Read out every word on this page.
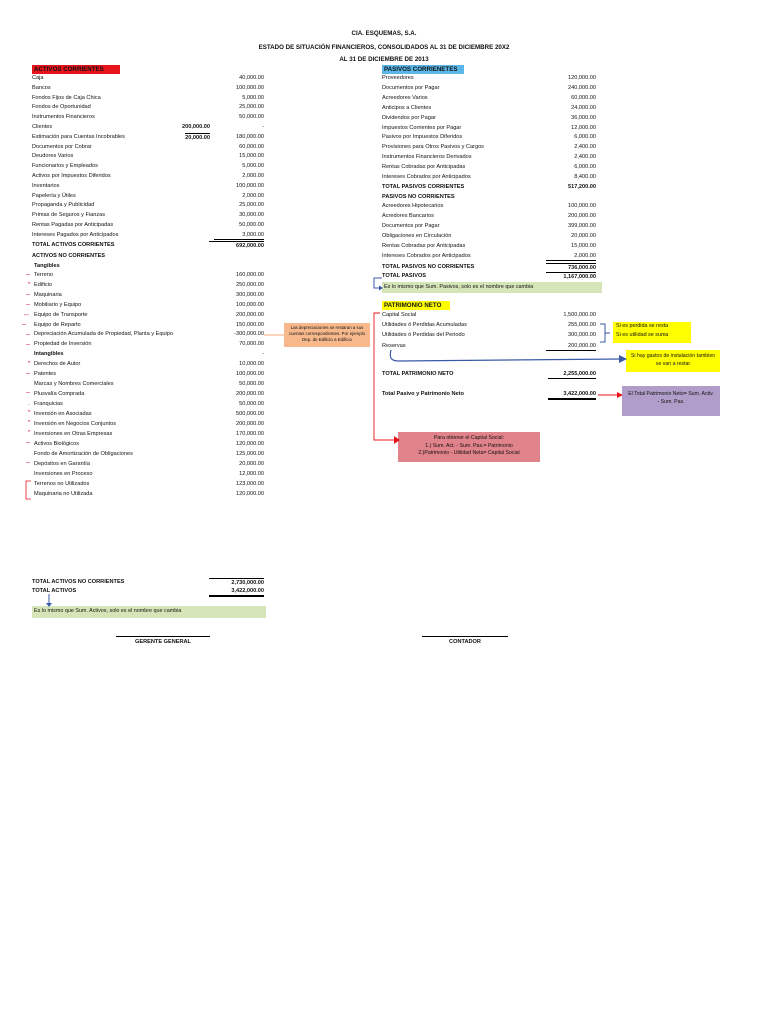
CIA. ESQUEMAS, S.A.
ESTADO DE SITUACIÓN FINANCIEROS, CONSOLIDADOS AL 31 DE DICIEMBRE 20X2
AL 31 DE DICIEMBRE DE 2013
ACTIVOS CORRIENTES
Caja	40,000.00
Bancos	100,000.00
Fondos Fijos de Caja Chica	5,000.00
Fondos de Oportunidad	25,000.00
Instrumentos Financieros	50,000.00
Clientes	200,000.00	-
Estimación para Cuentas Incobrables	20,000.00	180,000.00
Documentos por Cobrar	60,000.00
Deudores Varios	15,000.00
Funcionarios y Empleados	5,000.00
Activos por Impuestos Diferidos	2,000.00
Inventarios	100,000.00
Papelería y Útiles	2,000.00
Propaganda y Publicidad	25,000.00
Primas de Seguros y Fianzas	30,000.00
Rentas Pagadas por Anticipadas	50,000.00
Intereses Pagados por Anticipados	3,000.00
TOTAL ACTIVOS CORRIENTES	692,000.00
ACTIVOS NO CORRIENTES
Tangibles
Terreno	160,000.00
Edificio	250,000.00
Maquinaria	300,000.00
Mobiliario y Equipo	100,000.00
Equipo de Transporte	200,000.00
Equipo de Reparto	150,000.00
Depreciación Acumulada de Propiedad, Planta y Equipo	-300,000.00
Propiedad de Inversión	70,000.00
Intangibles	-
Derechos de Autor	10,000.00
Patentes	100,000.00
Marcas y Nombres Comerciales	50,000.00
Plusvalía Comprada	200,000.00
Franquicias	50,000.00
Inversión en Asociadas	500,000.00
Inversión en Negocios Conjuntos	200,000.00
Inversiones en Otras Empresas	170,000.00
Activos Biológicos	120,000.00
Fondo de Amortización de Obligaciones	125,000.00
Depósitos en Garantía	20,000.00
Inversiones en Proceso	12,000.00
Terrenos no Utilizados	123,000.00
Maquinaria no Utilizada	120,000.00
TOTAL ACTIVOS NO CORRIENTES	2,730,000.00
TOTAL ACTIVOS	3,422,000.00
Es lo mismo que Sum. Activos, solo es el nombre que cambia
~
"
~
~
--
~
~
~
"
~
~
.
"
"
"
~
~
Las depreciaciones se restaran a sus cuentas correspondientes. Por ejemplo Dep. de Edificio a Edificio
PASIVOS CORRIENETES
Proveedores	120,000.00
Documentos por Pagar	240,000.00
Acreedores Varios	60,000.00
Anticipos a Clientes	24,000.00
Dividendos por Pagar	36,000.00
Impuestos Corrientes por Pagar	12,000.00
Pasivos por Impuestos Diferidos	6,000.00
Provisiones para Otros Pasivos y Cargos	2,400.00
Instrumentos Financieros Derivados	2,400.00
Rentas Cobradas por Anticipadas	6,000.00
Intereses Cobrados por Anticipados	8,400.00
TOTAL PASIVOS CORRIENTES	517,200.00
PASIVOS NO CORRIENTES
Acreedores Hipotecarios	100,000.00
Acredores Bancarios	200,000.00
Documentos por Pagar	399,000.00
Obligaciones en Circulación	20,000.00
Rentas Cobradas por Anticipadas	15,000.00
Intereses Cobrados por Anticipados	2,000.00
TOTAL PASIVOS NO CORRIENTES	736,000.00
TOTAL PASIVOS	1,167,000.00
Es lo mismo que Sum. Pasivos, solo es el nombre que cambia
PATRIMONIO NETO
Capital Social	1,500,000.00
Utilidades ó Perdidas Acumuladas	255,000.00
Utilidades ó Perdidas del Periodo	300,000.00
Reservas	200,000.00
TOTAL PATRIMONIO NETO	2,255,000.00
Total Pasivo y Patrimonio Neto	3,422,000.00
Si es perdida se resta
Si es utilidad se suma
Si hay gastos de instalación tambien se van a restar
El Total Patrimonio Neto= Sum. Activ. - Sum. Pas.
Para obtener el Capital Social:
1.) Sum. Act. - Sum. Pas.= Patrimonio
2.)Patrimonio - Utilidad Neta= Capital Social
GERENTE GENERAL	CONTADOR
